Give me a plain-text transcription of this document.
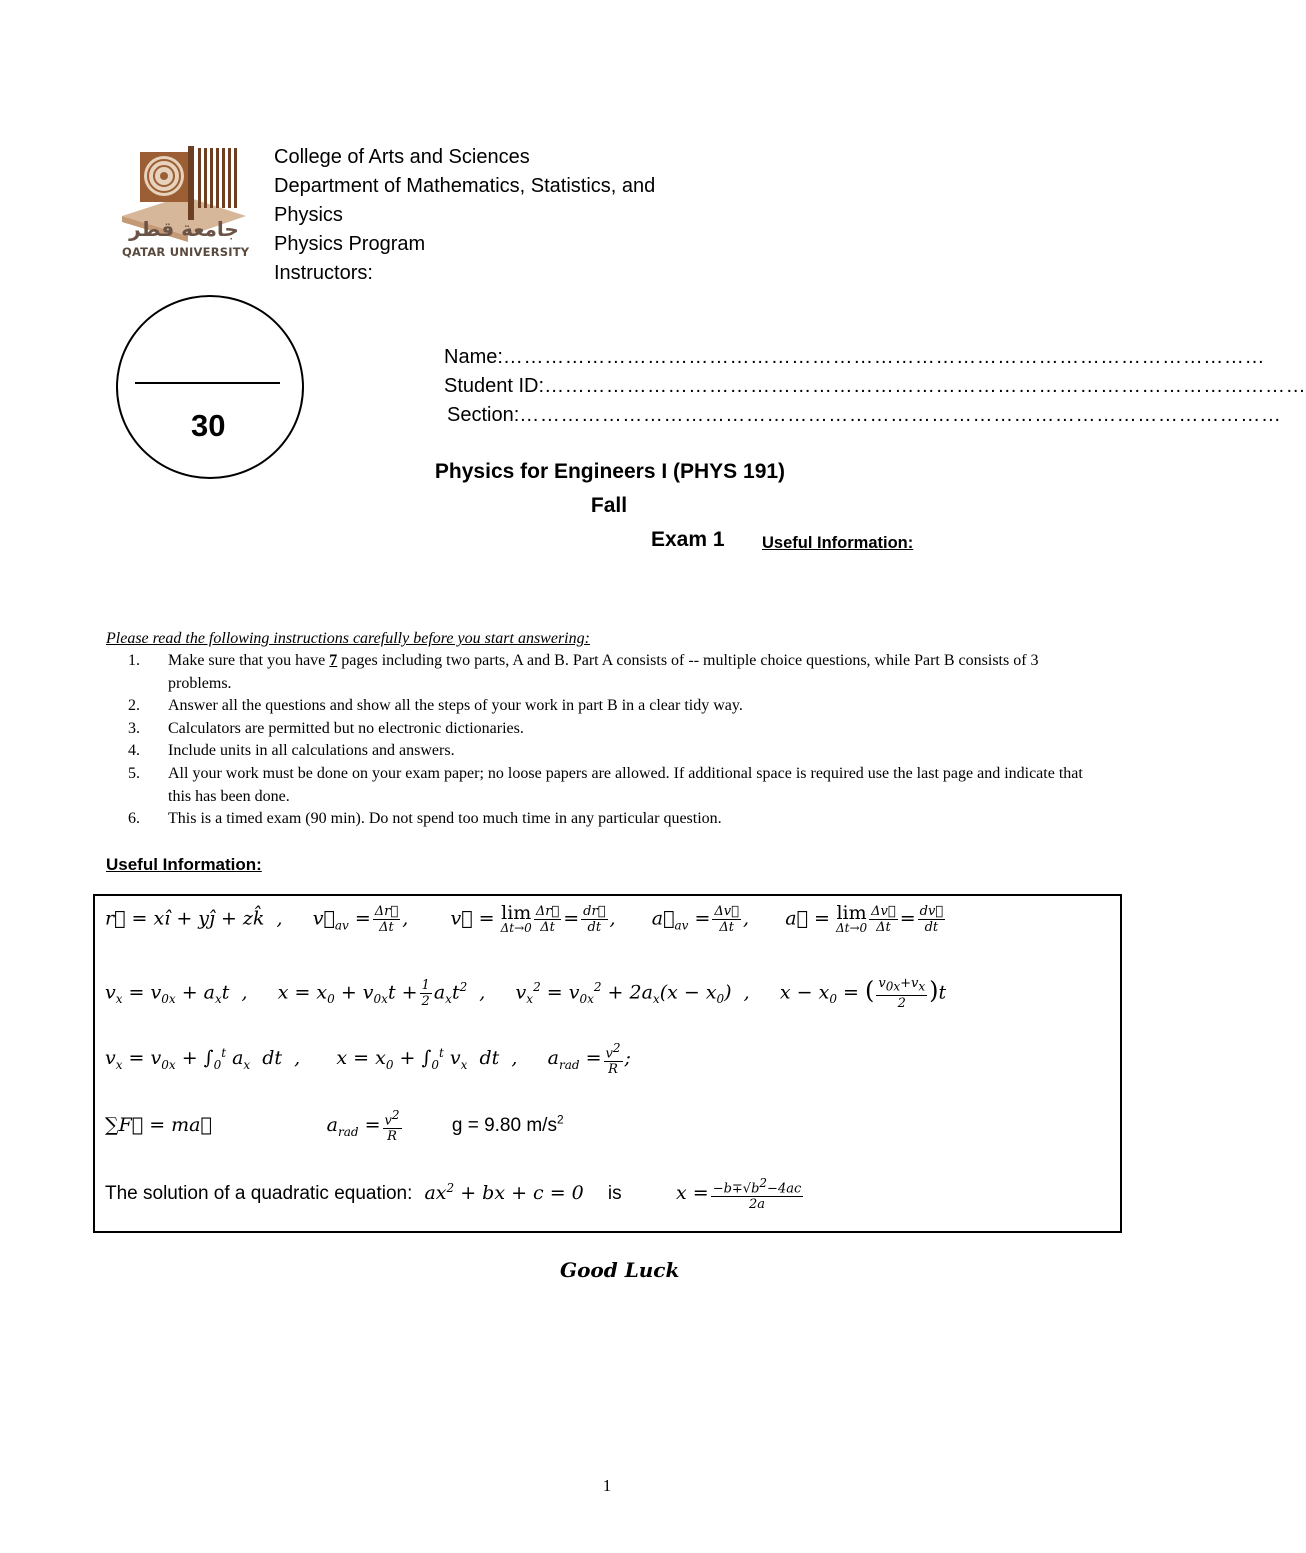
جامعة قطر
QATAR UNIVERSITY
College of Arts and Sciences
Department of Mathematics, Statistics, and
Physics
Physics Program
Instructors:
30
Name: …………………………………………………………………………………………………
Student ID: …………………………………………………………………………………………………
Section: …………………………………………………………………………………………………
Physics for Engineers I (PHYS 191)
Fall
Exam 1 Useful Information:
Please read the following instructions carefully before you start answering:
1.	Make sure that you have 7 pages including two parts, A and B. Part A consists of -- multiple choice questions, while Part B consists of 3 problems.
2.	Answer all the questions and show all the steps of your work in part B in a clear tidy way.
3.	Calculators are permitted but no electronic dictionaries.
4.	Include units in all calculations and answers.
5.	All your work must be done on your exam paper; no loose papers are allowed. If additional space is required use the last page and indicate that this has been done.
6.	This is a timed exam (90 min). Do not spend too much time in any particular question.
Useful Information:
r⃗ = xî + yĵ + zk̂  ,     $v⃗_{av} = \frac{\Delta r⃗}{\Delta t}$ ,       v⃗ = lim
$\Delta t\to 0 \frac{\Delta r⃗}{\Delta t} = \frac{dr⃗}{dt}$ ,      $a⃗_{av} = \frac{\Delta v⃗}{\Delta t}$ ,      a⃗ = lim
$\Delta t\to 0 \frac{\Delta v⃗}{\Delta t} = \frac{dv⃗}{dt}$
$v_x = v_{0x} + a_xt$  ,     $x = x_0 + v_{0x}t + \frac{1}{2} a_xt^2$  ,     $v_x^2 = v_{0x}^2 + 2a_x(x - x_0)$  ,     $x - x_0$ = ( $\frac{v_{0x}+v_x}{2} )t$
$v_x = v_{0x} + \int_0^t$ $a_x$  dt  ,      $x = x_0 + \int_0^t$ $v_x$  dt  ,     $a_{rad} = \frac{v^2}{R}$ ;
∑F⃗ = ma⃗                   $a_{rad} = \frac{v^2}{R}$	g = 9.80 $m/s^2$
The solution of a quadratic equation:  $ax^2$ + bx + c = 0    is         $x = \frac{-b\mp√b^2-4ac}{2a}$
Good Luck
1
